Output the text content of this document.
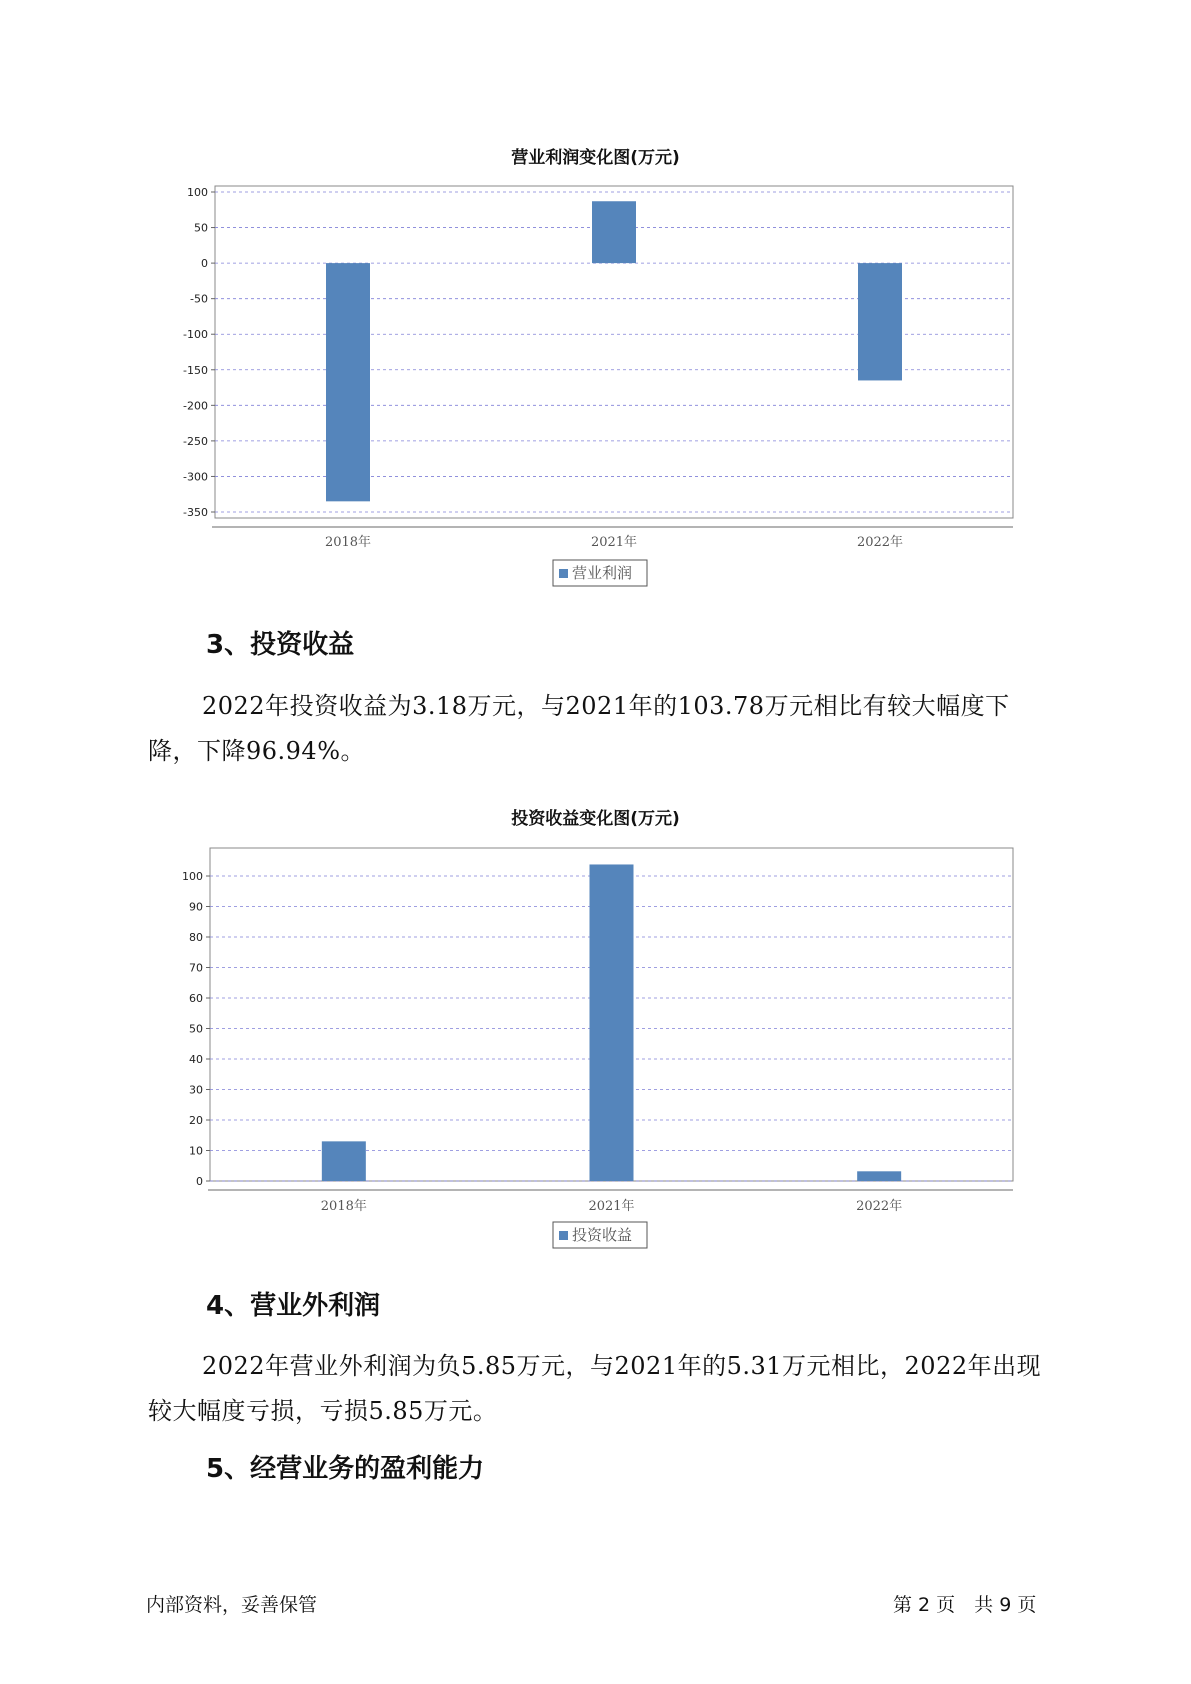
营业利润变化图(万元)
100
50
0
-50
-100
-150
-200
-250
-300
-350
2018年	2021年	2022年
营业利润
3、投资收益

2022年投资收益为3.18万元，与2021年的103.78万元相比有较大幅度下降，下降96.94%。

投资收益变化图(万元)
100
90
80
70
60
50
40
30
20
10
0
2018年	2021年	2022年
投资收益
4、营业外利润

2022年营业外利润为负5.85万元，与2021年的5.31万元相比，2022年出现较大幅度亏损，亏损5.85万元。

5、经营业务的盈利能力
内部资料，妥善保管	第 2 页　共 9 页
